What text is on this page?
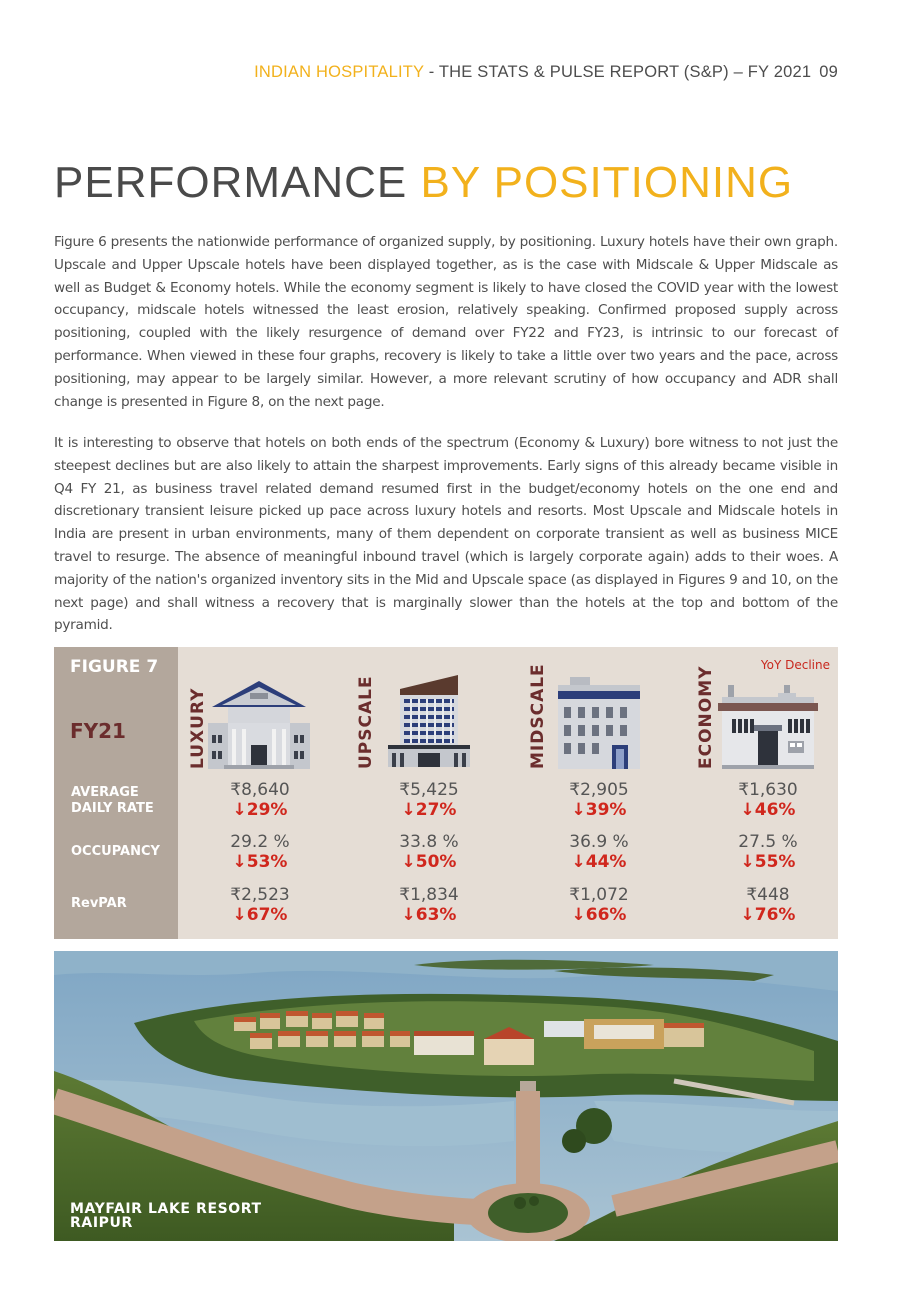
INDIAN HOSPITALITY - THE STATS & PULSE REPORT (S&P) – FY 2021 09
PERFORMANCE BY POSITIONING

Figure 6 presents the nationwide performance of organized supply, by positioning. Luxury hotels have their own graph. Upscale and Upper Upscale hotels have been displayed together, as is the case with Midscale & Upper Midscale as well as Budget & Economy hotels. While the economy segment is likely to have closed the COVID year with the lowest occupancy, midscale hotels witnessed the least erosion, relatively speaking. Confirmed proposed supply across positioning, coupled with the likely resurgence of demand over FY22 and FY23, is intrinsic to our forecast of performance. When viewed in these four graphs, recovery is likely to take a little over two years and the pace, across positioning, may appear to be largely similar. However, a more relevant scrutiny of how occupancy and ADR shall change is presented in Figure 8, on the next page.

It is interesting to observe that hotels on both ends of the spectrum (Economy & Luxury) bore witness to not just the steepest declines but are also likely to attain the sharpest improvements. Early signs of this already became visible in Q4 FY 21, as business travel related demand resumed first in the budget/economy hotels on the one end and discretionary transient leisure picked up pace across luxury hotels and resorts. Most Upscale and Midscale hotels in India are present in urban environments, many of them dependent on corporate transient as well as business MICE travel to resurge. The absence of meaningful inbound travel (which is largely corporate again) adds to their woes. A majority of the nation's organized inventory sits in the Mid and Upscale space (as displayed in Figures 9 and 10, on the next page) and shall witness a recovery that is marginally slower than the hotels at the top and bottom of the pyramid.

FIGURE 7
FY21
AVERAGE DAILY RATE
OCCUPANCY
RevPAR
YoY Decline
LUXURY
₹8,640
↓29%
29.2 %
↓53%
₹2,523
↓67%
UPSCALE
₹5,425
↓27%
33.8 %
↓50%
₹1,834
↓63%
MIDSCALE
₹2,905
↓39%
36.9 %
↓44%
₹1,072
↓66%
ECONOMY
₹1,630
↓46%
27.5 %
↓55%
₹448
↓76%
MAYFAIR LAKE RESORT
RAIPUR
